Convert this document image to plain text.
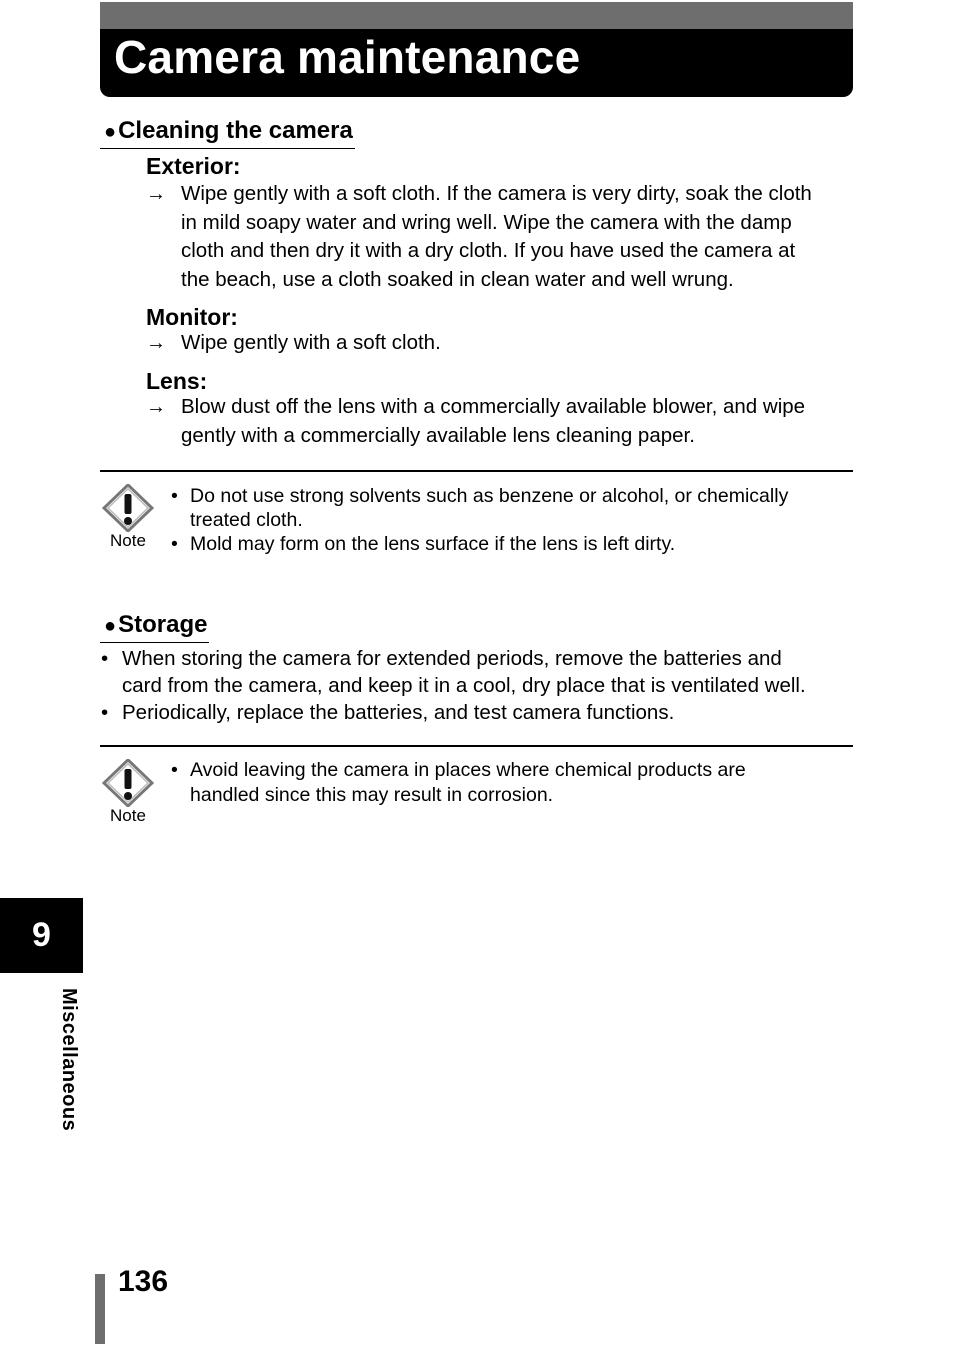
Camera maintenance
●Cleaning the camera
Exterior:
→ Wipe gently with a soft cloth. If the camera is very dirty, soak the cloth
in mild soapy water and wring well. Wipe the camera with the damp
cloth and then dry it with a dry cloth. If you have used the camera at
the beach, use a cloth soaked in clean water and well wrung.
Monitor:
→ Wipe gently with a soft cloth.
Lens:
→ Blow dust off the lens with a commercially available blower, and wipe
gently with a commercially available lens cleaning paper.
Note
• Do not use strong solvents such as benzene or alcohol, or chemically
treated cloth.
• Mold may form on the lens surface if the lens is left dirty.
●Storage
• When storing the camera for extended periods, remove the batteries and
card from the camera, and keep it in a cool, dry place that is ventilated well.
• Periodically, replace the batteries, and test camera functions.
Note
• Avoid leaving the camera in places where chemical products are
handled since this may result in corrosion.
9
Miscellaneous
136
